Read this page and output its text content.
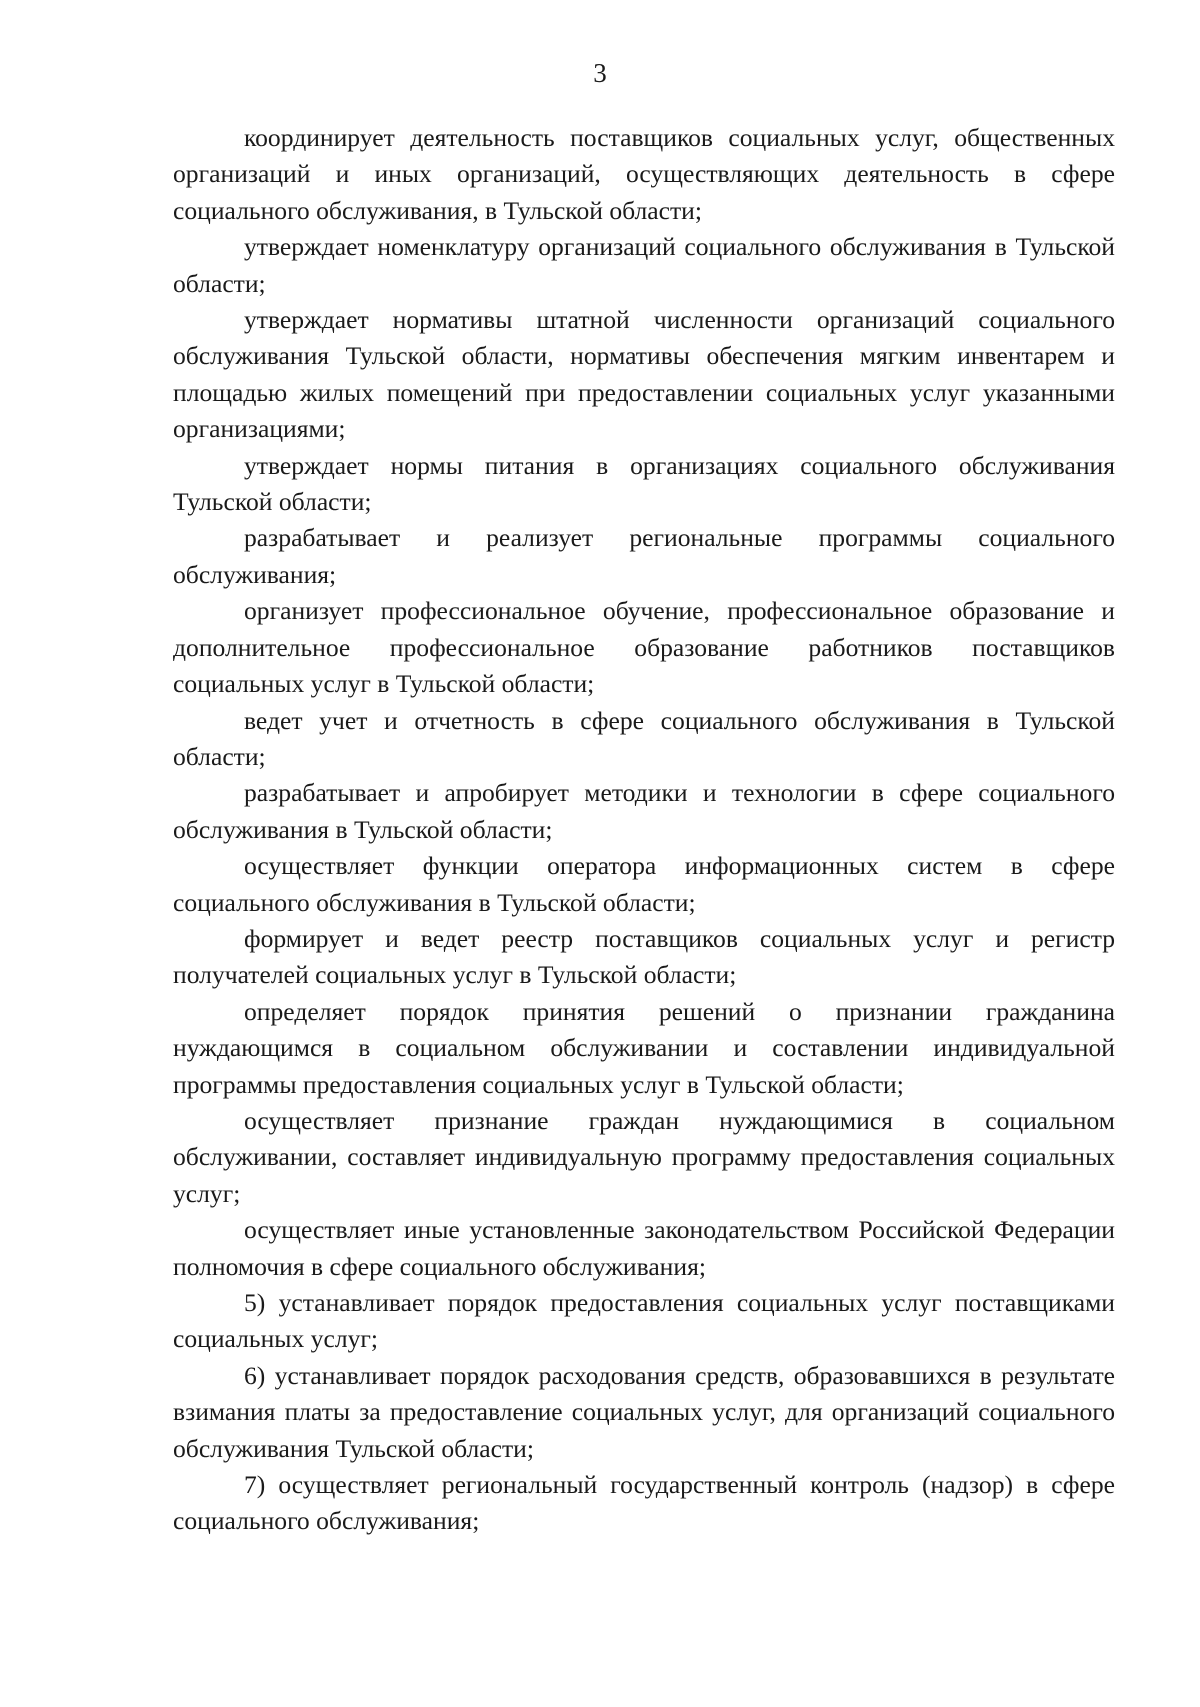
3

координирует деятельность поставщиков социальных услуг, общественных организаций и иных организаций, осуществляющих деятельность в сфере социального обслуживания, в Тульской области;

утверждает номенклатуру организаций социального обслуживания в Тульской области;

утверждает нормативы штатной численности организаций социального обслуживания Тульской области, нормативы обеспечения мягким инвентарем и площадью жилых помещений при предоставлении социальных услуг указанными организациями;

утверждает нормы питания в организациях социального обслуживания Тульской области;

разрабатывает и реализует региональные программы социального обслуживания;

организует профессиональное обучение, профессиональное образование и дополнительное профессиональное образование работников поставщиков социальных услуг в Тульской области;

ведет учет и отчетность в сфере социального обслуживания в Тульской области;

разрабатывает и апробирует методики и технологии в сфере социального обслуживания в Тульской области;

осуществляет функции оператора информационных систем в сфере социального обслуживания в Тульской области;

формирует и ведет реестр поставщиков социальных услуг и регистр получателей социальных услуг в Тульской области;

определяет порядок принятия решений о признании гражданина нуждающимся в социальном обслуживании и составлении индивидуальной программы предоставления социальных услуг в Тульской области;

осуществляет признание граждан нуждающимися в социальном обслуживании, составляет индивидуальную программу предоставления социальных услуг;

осуществляет иные установленные законодательством Российской Федерации полномочия в сфере социального обслуживания;

5) устанавливает порядок предоставления социальных услуг поставщиками социальных услуг;

6) устанавливает порядок расходования средств, образовавшихся в результате взимания платы за предоставление социальных услуг, для организаций социального обслуживания Тульской области;

7) осуществляет региональный государственный контроль (надзор) в сфере социального обслуживания;
